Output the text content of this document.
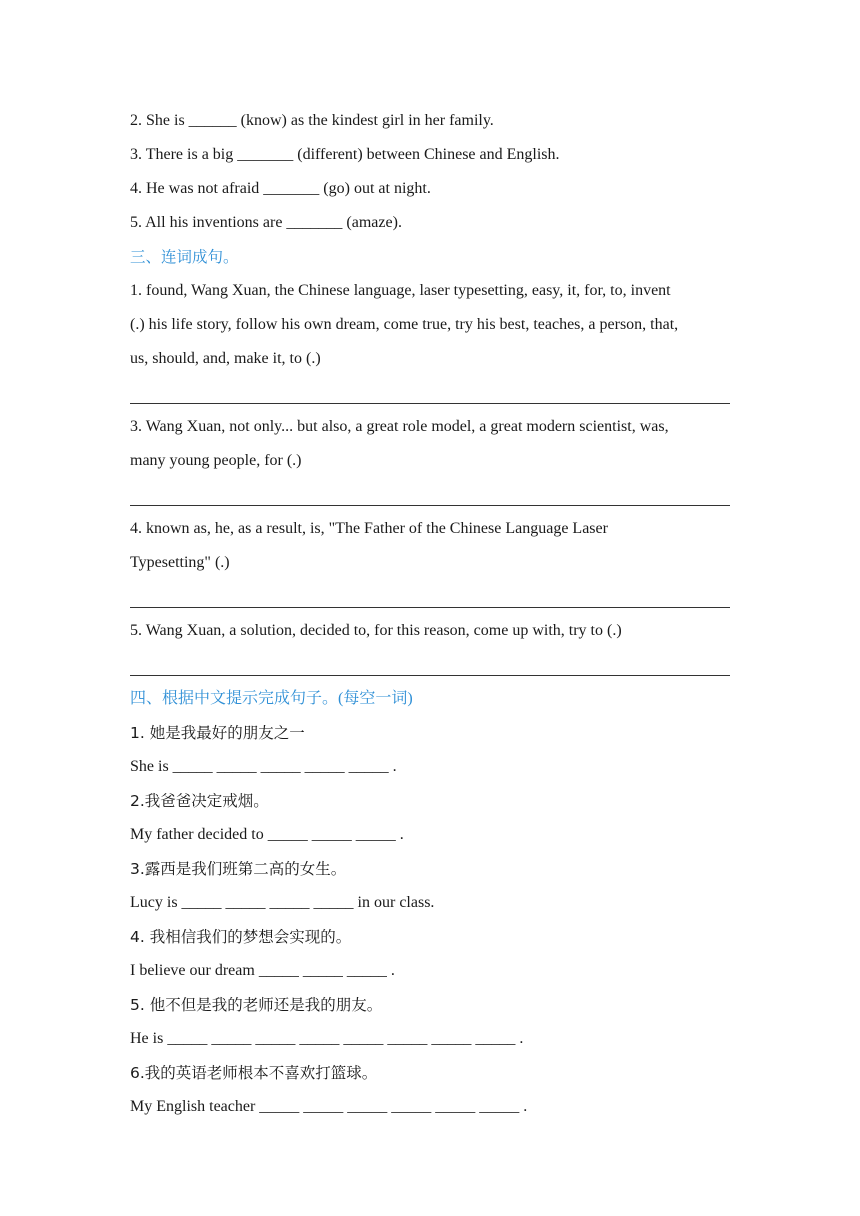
2. She is ______ (know) as the kindest girl in her family.
3. There is a big _______ (different) between Chinese and English.
4. He was not afraid _______ (go) out at night.
5. All his inventions are _______ (amaze).
三、连词成句。
1. found, Wang Xuan, the Chinese language, laser typesetting, easy, it, for, to, invent
(.) his life story, follow his own dream, come true, try his best, teaches, a person, that,
us, should, and, make it, to (.)
3. Wang Xuan, not only... but also, a great role model, a great modern scientist, was,
many young people, for (.)
4. known as, he, as a result, is, "The Father of the Chinese Language Laser
Typesetting" (.)
5. Wang Xuan, a solution, decided to, for this reason, come up with, try to (.)
四、根据中文提示完成句子。(每空一词)
1. 她是我最好的朋友之一
She is _____ _____ _____ _____ _____ .
2.我爸爸决定戒烟。
My father decided to _____ _____ _____ .
3.露西是我们班第二高的女生。
Lucy is _____ _____ _____ _____ in our class.
4. 我相信我们的梦想会实现的。
I believe our dream _____ _____ _____ .
5. 他不但是我的老师还是我的朋友。
He is _____ _____ _____ _____ _____ _____ _____ _____ .
6.我的英语老师根本不喜欢打篮球。
My English teacher _____ _____ _____ _____ _____ _____ .
